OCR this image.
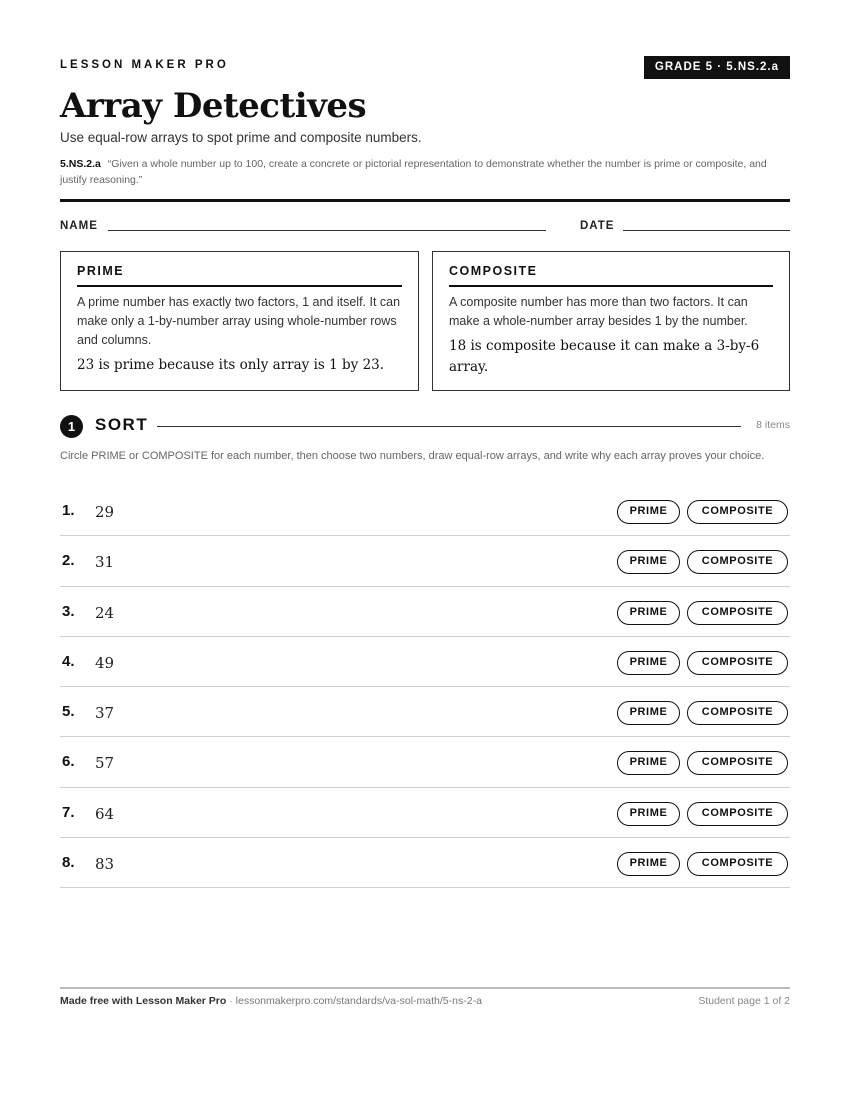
LESSON MAKER PRO	GRADE 5 · 5.NS.2.a
Array Detectives
Use equal-row arrays to spot prime and composite numbers.
5.NS.2.a “Given a whole number up to 100, create a concrete or pictorial representation to demonstrate whether the number is prime or composite, and justify reasoning.”
NAME	DATE
PRIME
A prime number has exactly two factors, 1 and itself. It can make only a 1-by-number array using whole-number rows and columns.
23 is prime because its only array is 1 by 23.
COMPOSITE
A composite number has more than two factors. It can make a whole-number array besides 1 by the number.
18 is composite because it can make a 3-by-6 array.
1	SORT	8 items
Circle PRIME or COMPOSITE for each number, then choose two numbers, draw equal-row arrays, and write why each array proves your choice.
1. 29	PRIME	COMPOSITE
2. 31	PRIME	COMPOSITE
3. 24	PRIME	COMPOSITE
4. 49	PRIME	COMPOSITE
5. 37	PRIME	COMPOSITE
6. 57	PRIME	COMPOSITE
7. 64	PRIME	COMPOSITE
8. 83	PRIME	COMPOSITE
Made free with Lesson Maker Pro · lessonmakerpro.com/standards/va-sol-math/5-ns-2-a	Student page 1 of 2
